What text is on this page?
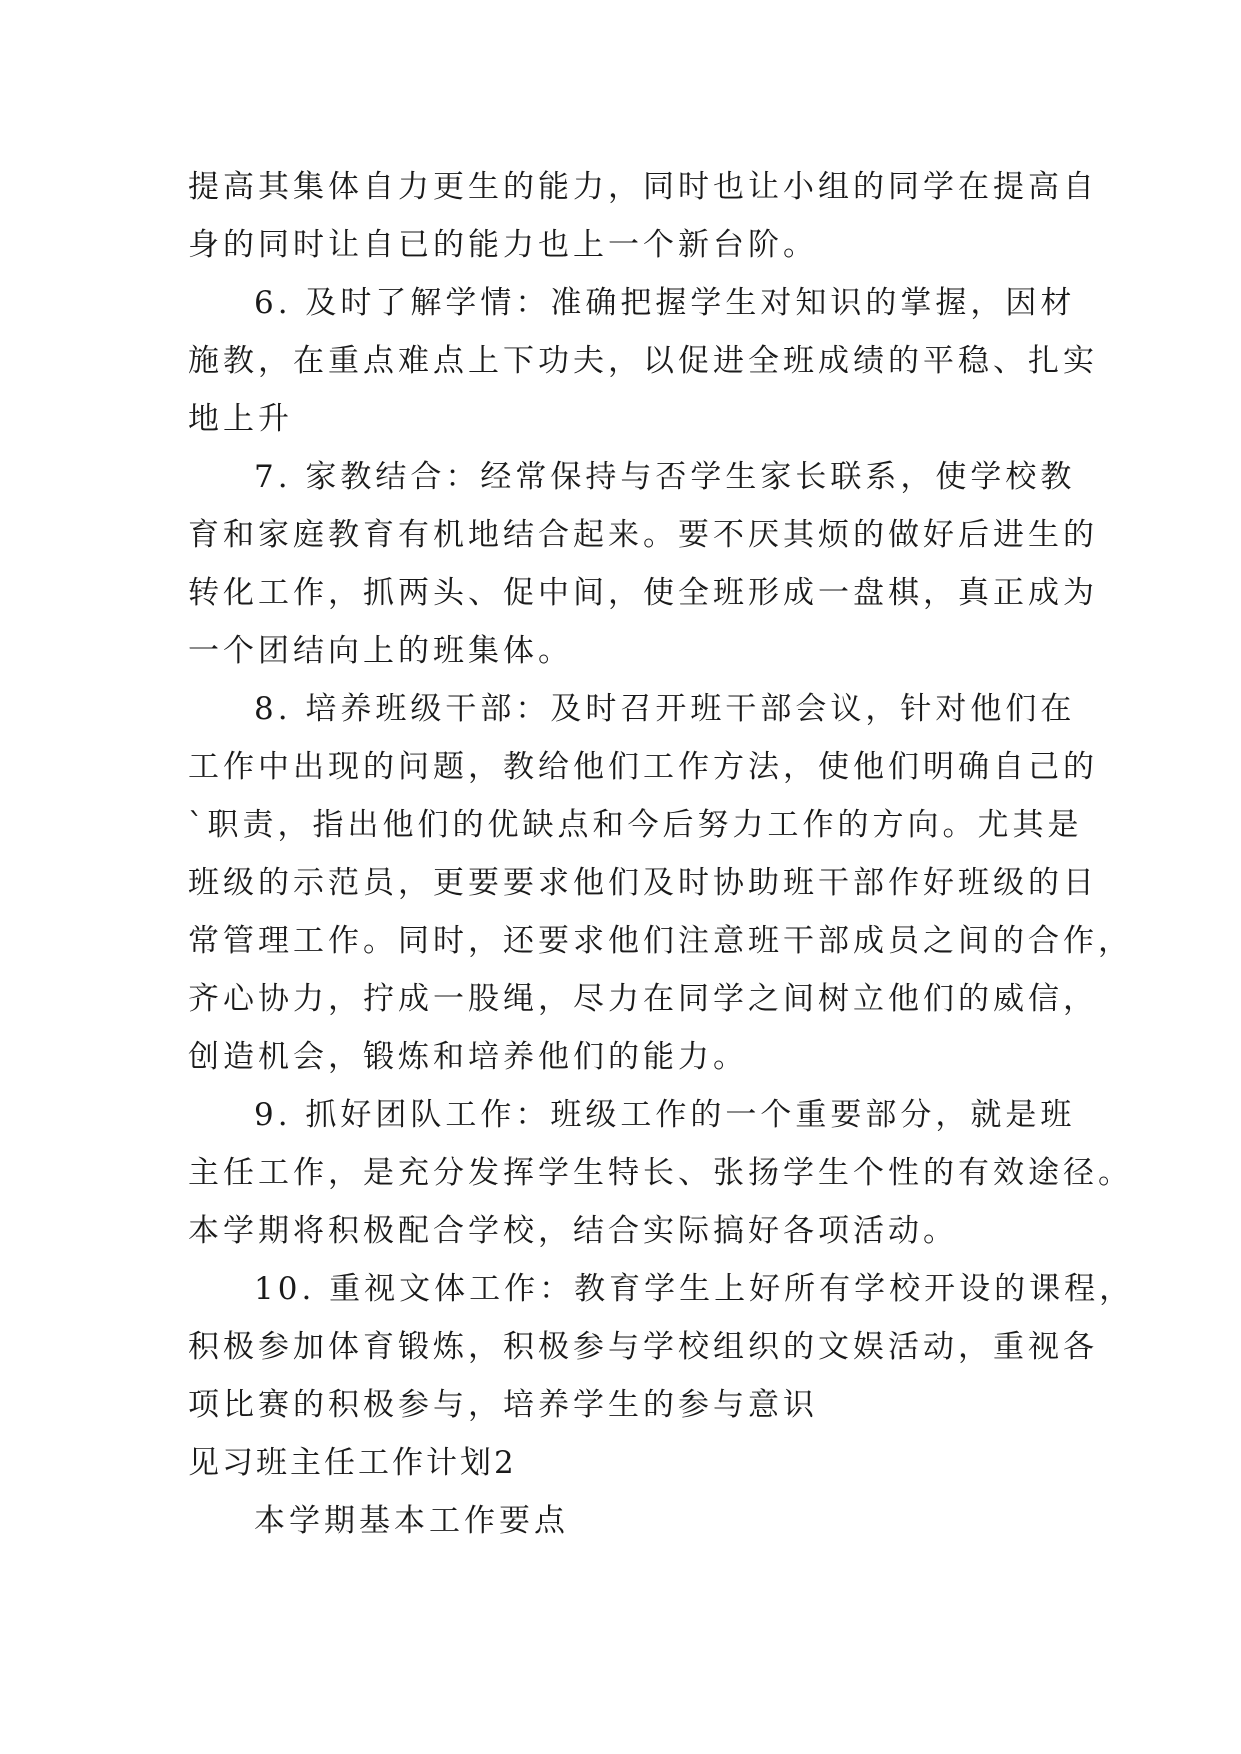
提高其集体自力更生的能力，同时也让小组的同学在提高自
身的同时让自已的能力也上一个新台阶。
6. 及时了解学情：准确把握学生对知识的掌握，因材
施教，在重点难点上下功夫，以促进全班成绩的平稳、扎实
地上升
7. 家教结合：经常保持与否学生家长联系，使学校教
育和家庭教育有机地结合起来。要不厌其烦的做好后进生的
转化工作，抓两头、促中间，使全班形成一盘棋，真正成为
一个团结向上的班集体。
8. 培养班级干部：及时召开班干部会议，针对他们在
工作中出现的问题，教给他们工作方法，使他们明确自己的
`职责，指出他们的优缺点和今后努力工作的方向。尤其是
班级的示范员，更要要求他们及时协助班干部作好班级的日
常管理工作。同时，还要求他们注意班干部成员之间的合作，
齐心协力，拧成一股绳，尽力在同学之间树立他们的威信，
创造机会，锻炼和培养他们的能力。
9. 抓好团队工作：班级工作的一个重要部分，就是班
主任工作，是充分发挥学生特长、张扬学生个性的有效途径。
本学期将积极配合学校，结合实际搞好各项活动。
10. 重视文体工作：教育学生上好所有学校开设的课程，
积极参加体育锻炼，积极参与学校组织的文娱活动，重视各
项比赛的积极参与，培养学生的参与意识
见习班主任工作计划2
本学期基本工作要点
